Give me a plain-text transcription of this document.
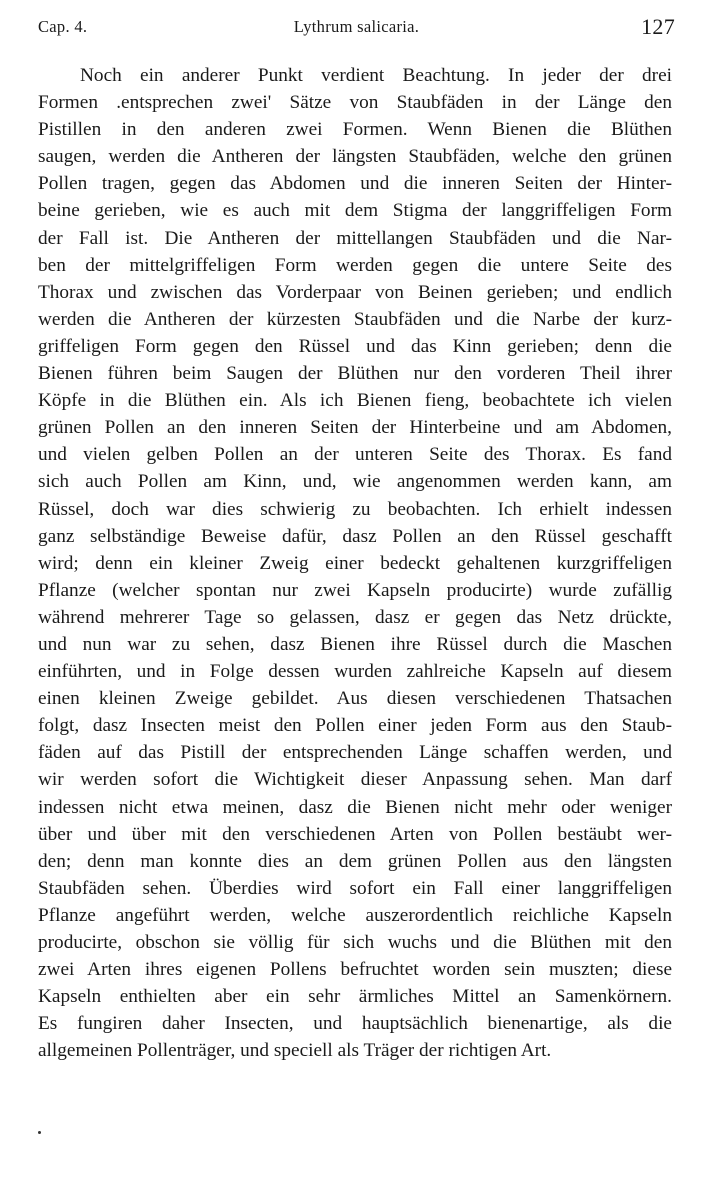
Cap. 4.	Lythrum salicaria.	127
Noch ein anderer Punkt verdient Beachtung. In jeder der drei
Formen .entsprechen zwei' Sätze von Staubfäden in der Länge den
Pistillen in den anderen zwei Formen. Wenn Bienen die Blüthen
saugen, werden die Antheren der längsten Staubfäden, welche den grünen
Pollen tragen, gegen das Abdomen und die inneren Seiten der Hinter-
beine gerieben, wie es auch mit dem Stigma der langgriffeligen Form
der Fall ist. Die Antheren der mittellangen Staubfäden und die Nar-
ben der mittelgriffeligen Form werden gegen die untere Seite des
Thorax und zwischen das Vorderpaar von Beinen gerieben; und endlich
werden die Antheren der kürzesten Staubfäden und die Narbe der kurz-
griffeligen Form gegen den Rüssel und das Kinn gerieben; denn die
Bienen führen beim Saugen der Blüthen nur den vorderen Theil ihrer
Köpfe in die Blüthen ein. Als ich Bienen fieng, beobachtete ich vielen
grünen Pollen an den inneren Seiten der Hinterbeine und am Abdomen,
und vielen gelben Pollen an der unteren Seite des Thorax. Es fand
sich auch Pollen am Kinn, und, wie angenommen werden kann, am
Rüssel, doch war dies schwierig zu beobachten. Ich erhielt indessen
ganz selbständige Beweise dafür, dasz Pollen an den Rüssel geschafft
wird; denn ein kleiner Zweig einer bedeckt gehaltenen kurzgriffeligen
Pflanze (welcher spontan nur zwei Kapseln producirte) wurde zufällig
während mehrerer Tage so gelassen, dasz er gegen das Netz drückte,
und nun war zu sehen, dasz Bienen ihre Rüssel durch die Maschen
einführten, und in Folge dessen wurden zahlreiche Kapseln auf diesem
einen kleinen Zweige gebildet. Aus diesen verschiedenen Thatsachen
folgt, dasz Insecten meist den Pollen einer jeden Form aus den Staub-
fäden auf das Pistill der entsprechenden Länge schaffen werden, und
wir werden sofort die Wichtigkeit dieser Anpassung sehen. Man darf
indessen nicht etwa meinen, dasz die Bienen nicht mehr oder weniger
über und über mit den verschiedenen Arten von Pollen bestäubt wer-
den; denn man konnte dies an dem grünen Pollen aus den längsten
Staubfäden sehen. Überdies wird sofort ein Fall einer langgriffeligen
Pflanze angeführt werden, welche auszerordentlich reichliche Kapseln
producirte, obschon sie völlig für sich wuchs und die Blüthen mit den
zwei Arten ihres eigenen Pollens befruchtet worden sein muszten; diese
Kapseln enthielten aber ein sehr ärmliches Mittel an Samenkörnern.
Es fungiren daher Insecten, und hauptsächlich bienenartige, als die
allgemeinen Pollenträger, und speciell als Träger der richtigen Art.
